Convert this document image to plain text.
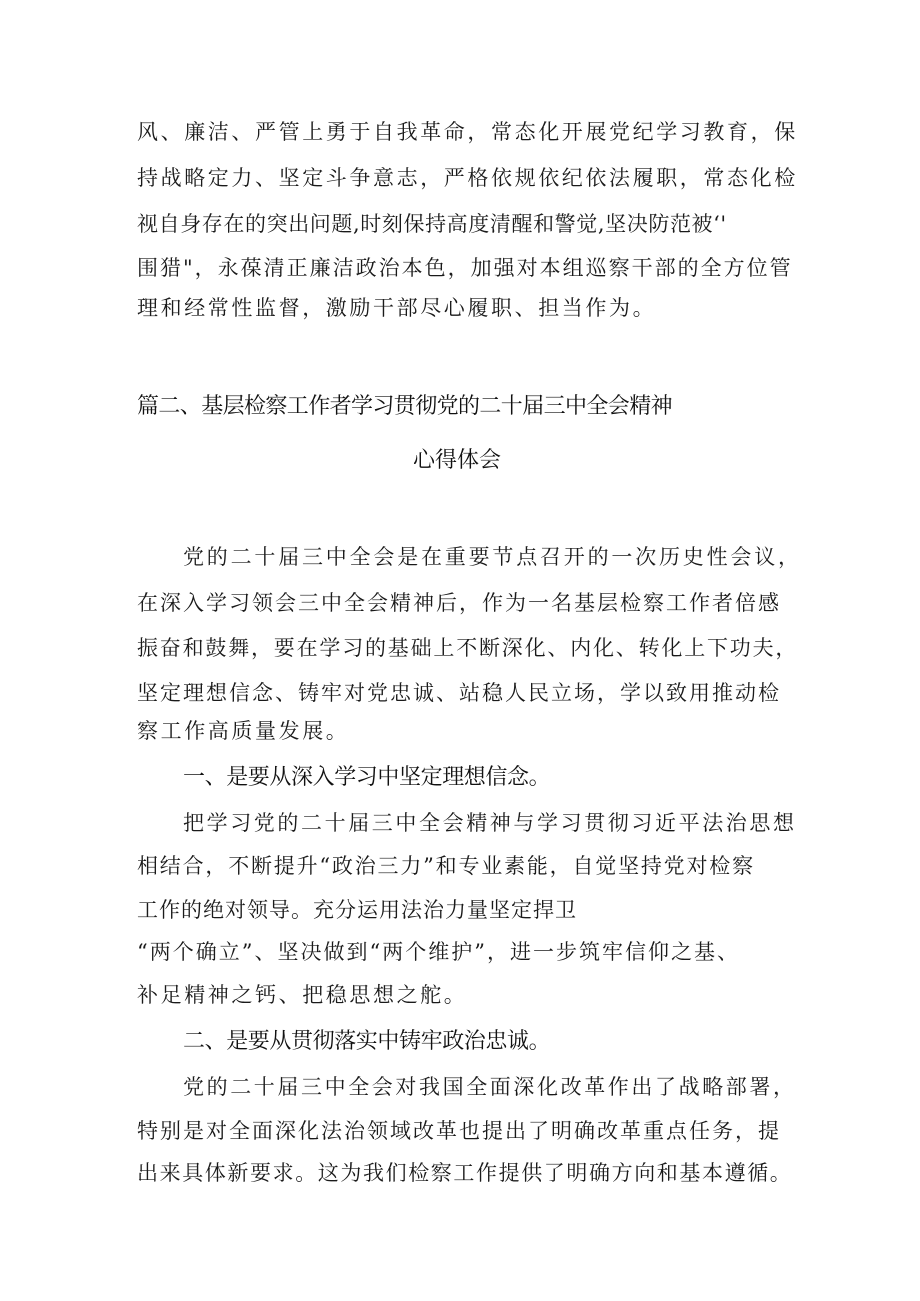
风、廉洁、严管上勇于自我革命，常态化开展党纪学习教育，保

持战略定力、坚定斗争意志，严格依规依纪依法履职，常态化检

视自身存在的突出问题,时刻保持高度清醒和警觉,坚决防范被‘'

围猎"，永葆清正廉洁政治本色，加强对本组巡察干部的全方位管

理和经常性监督，激励干部尽心履职、担当作为。

篇二、基层检察工作者学习贯彻党的二十届三中全会精神

心得体会

党的二十届三中全会是在重要节点召开的一次历史性会议，

在深入学习领会三中全会精神后，作为一名基层检察工作者倍感

振奋和鼓舞，要在学习的基础上不断深化、内化、转化上下功夫，

坚定理想信念、铸牢对党忠诚、站稳人民立场，学以致用推动检

察工作高质量发展。

一、是要从深入学习中坚定理想信念。

把学习党的二十届三中全会精神与学习贯彻习近平法治思想

相结合，不断提升“政治三力”和专业素能，自觉坚持党对检察

工作的绝对领导。充分运用法治力量坚定捍卫

“两个确立”、坚决做到“两个维护”，进一步筑牢信仰之基、

补足精神之钙、把稳思想之舵。

二、是要从贯彻落实中铸牢政治忠诚。

党的二十届三中全会对我国全面深化改革作出了战略部署，

特别是对全面深化法治领域改革也提出了明确改革重点任务，提

出来具体新要求。这为我们检察工作提供了明确方向和基本遵循。
